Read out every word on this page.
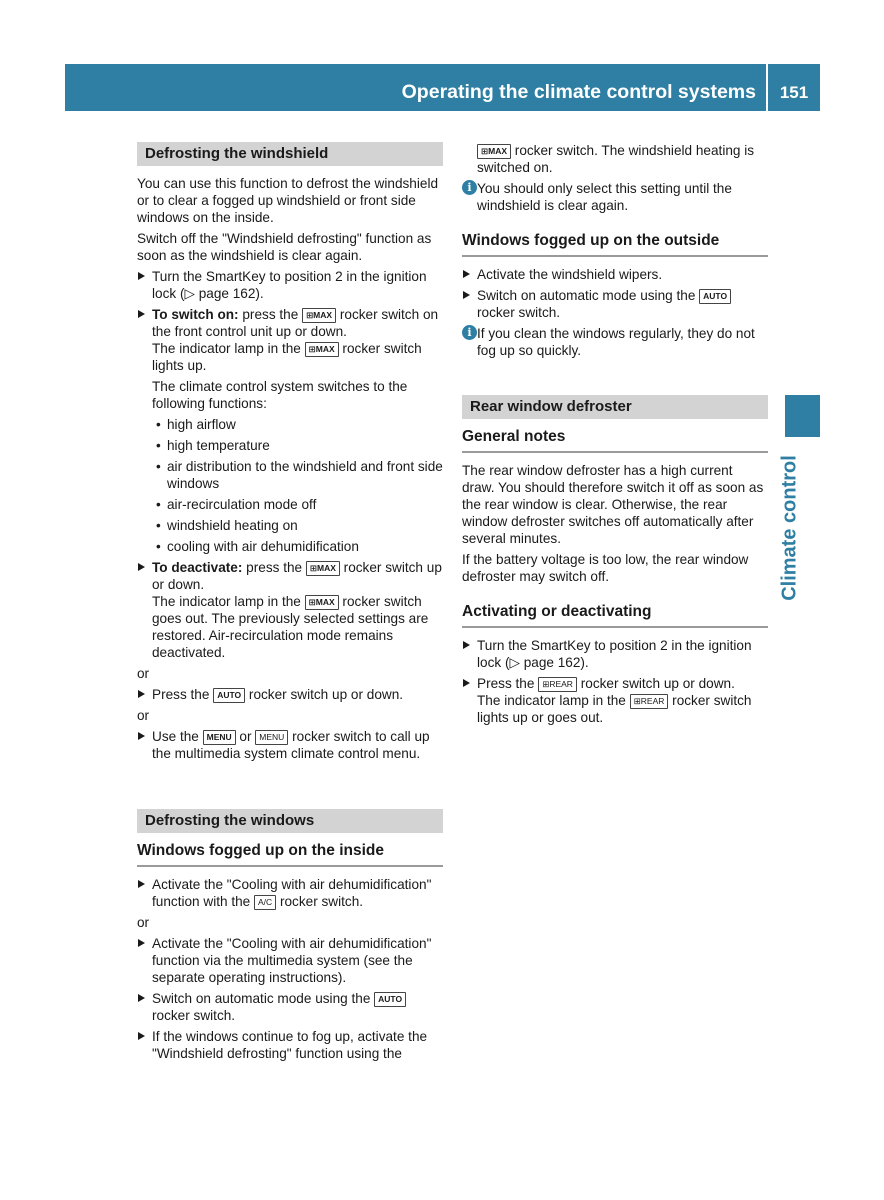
Operating the climate control systems	151
Climate control
Defrosting the windshield

You can use this function to defrost the windshield or to clear a fogged up windshield or front side windows on the inside.

Switch off the "Windshield defrosting" function as soon as the windshield is clear again.

Turn the SmartKey to position 2 in the ignition lock (▷ page 162).
To switch on: press the ⊞MAX rocker switch on the front control unit up or down.
The indicator lamp in the ⊞MAX rocker switch lights up.
The climate control system switches to the following functions:
• high airflow
• high temperature
• air distribution to the windshield and front side windows
• air-recirculation mode off
• windshield heating on
• cooling with air dehumidification
To deactivate: press the ⊞MAX rocker switch up or down.
The indicator lamp in the ⊞MAX rocker switch goes out. The previously selected settings are restored. Air-recirculation mode remains deactivated.
or
Press the AUTO rocker switch up or down.
or
Use the MENU or MENU rocker switch to call up the multimedia system climate control menu.
Defrosting the windows
Windows fogged up on the inside
Activate the "Cooling with air dehumidification" function with the A/C rocker switch.
or
Activate the "Cooling with air dehumidification" function via the multimedia system (see the separate operating instructions).
Switch on automatic mode using the AUTO rocker switch.
If the windows continue to fog up, activate the "Windshield defrosting" function using the
⊞MAX rocker switch. The windshield heating is switched on.
i You should only select this setting until the windshield is clear again.
Windows fogged up on the outside
Activate the windshield wipers.
Switch on automatic mode using the AUTO rocker switch.
i If you clean the windows regularly, they do not fog up so quickly.
Rear window defroster
General notes

The rear window defroster has a high current draw. You should therefore switch it off as soon as the rear window is clear. Otherwise, the rear window defroster switches off automatically after several minutes.

If the battery voltage is too low, the rear window defroster may switch off.

Activating or deactivating
Turn the SmartKey to position 2 in the ignition lock (▷ page 162).
Press the ⊞REAR rocker switch up or down.
The indicator lamp in the ⊞REAR rocker switch lights up or goes out.
